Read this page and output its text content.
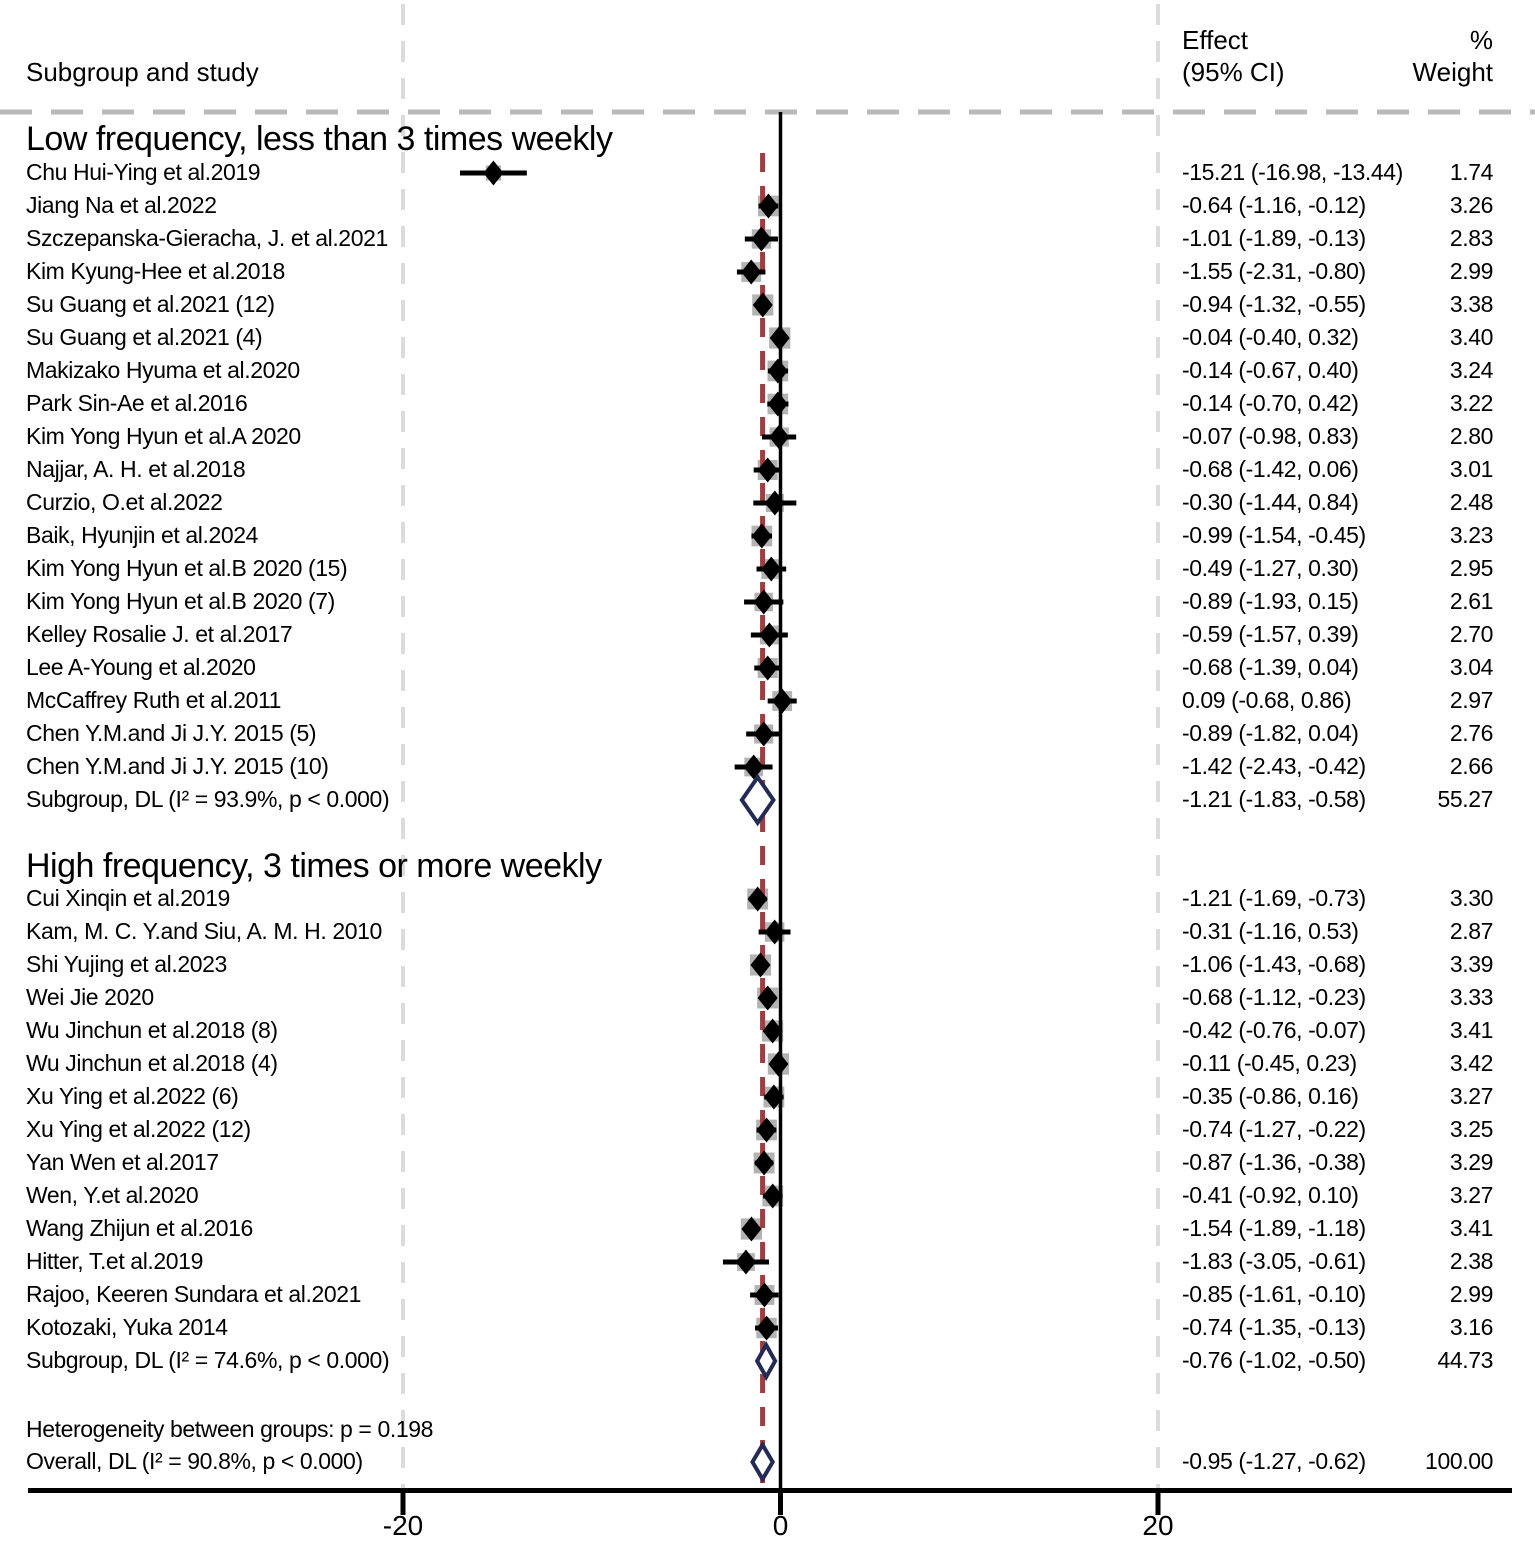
Subgroup and study
Effect
(95% CI)
%
Weight
Low frequency, less than 3 times weekly
Chu Hui-Ying et al.2019	-15.21 (-16.98, -13.44)	1.74
Jiang Na et al.2022	-0.64 (-1.16, -0.12)	3.26
Szczepanska-Gieracha, J. et al.2021	-1.01 (-1.89, -0.13)	2.83
Kim Kyung-Hee et al.2018	-1.55 (-2.31, -0.80)	2.99
Su Guang et al.2021 (12)	-0.94 (-1.32, -0.55)	3.38
Su Guang et al.2021 (4)	-0.04 (-0.40, 0.32)	3.40
Makizako Hyuma et al.2020	-0.14 (-0.67, 0.40)	3.24
Park Sin-Ae et al.2016	-0.14 (-0.70, 0.42)	3.22
Kim Yong Hyun et al.A 2020	-0.07 (-0.98, 0.83)	2.80
Najjar, A. H. et al.2018	-0.68 (-1.42, 0.06)	3.01
Curzio, O.et al.2022	-0.30 (-1.44, 0.84)	2.48
Baik, Hyunjin et al.2024	-0.99 (-1.54, -0.45)	3.23
Kim Yong Hyun et al.B 2020 (15)	-0.49 (-1.27, 0.30)	2.95
Kim Yong Hyun et al.B 2020 (7)	-0.89 (-1.93, 0.15)	2.61
Kelley Rosalie J. et al.2017	-0.59 (-1.57, 0.39)	2.70
Lee A-Young et al.2020	-0.68 (-1.39, 0.04)	3.04
McCaffrey Ruth et al.2011	0.09 (-0.68, 0.86)	2.97
Chen Y.M.and Ji J.Y. 2015 (5)	-0.89 (-1.82, 0.04)	2.76
Chen Y.M.and Ji J.Y. 2015 (10)	-1.42 (-2.43, -0.42)	2.66
Subgroup, DL (I² = 93.9%, p < 0.000)	-1.21 (-1.83, -0.58)	55.27
High frequency, 3 times or more weekly
Cui Xinqin et al.2019	-1.21 (-1.69, -0.73)	3.30
Kam, M. C. Y.and Siu, A. M. H. 2010	-0.31 (-1.16, 0.53)	2.87
Shi Yujing et al.2023	-1.06 (-1.43, -0.68)	3.39
Wei Jie 2020	-0.68 (-1.12, -0.23)	3.33
Wu Jinchun et al.2018 (8)	-0.42 (-0.76, -0.07)	3.41
Wu Jinchun et al.2018 (4)	-0.11 (-0.45, 0.23)	3.42
Xu Ying et al.2022 (6)	-0.35 (-0.86, 0.16)	3.27
Xu Ying et al.2022 (12)	-0.74 (-1.27, -0.22)	3.25
Yan Wen et al.2017	-0.87 (-1.36, -0.38)	3.29
Wen, Y.et al.2020	-0.41 (-0.92, 0.10)	3.27
Wang Zhijun et al.2016	-1.54 (-1.89, -1.18)	3.41
Hitter, T.et al.2019	-1.83 (-3.05, -0.61)	2.38
Rajoo, Keeren Sundara et al.2021	-0.85 (-1.61, -0.10)	2.99
Kotozaki, Yuka 2014	-0.74 (-1.35, -0.13)	3.16
Subgroup, DL (I² = 74.6%, p < 0.000)	-0.76 (-1.02, -0.50)	44.73
Heterogeneity between groups: p = 0.198
Overall, DL (I² = 90.8%, p < 0.000)	-0.95 (-1.27, -0.62)	100.00
-20	0	20
